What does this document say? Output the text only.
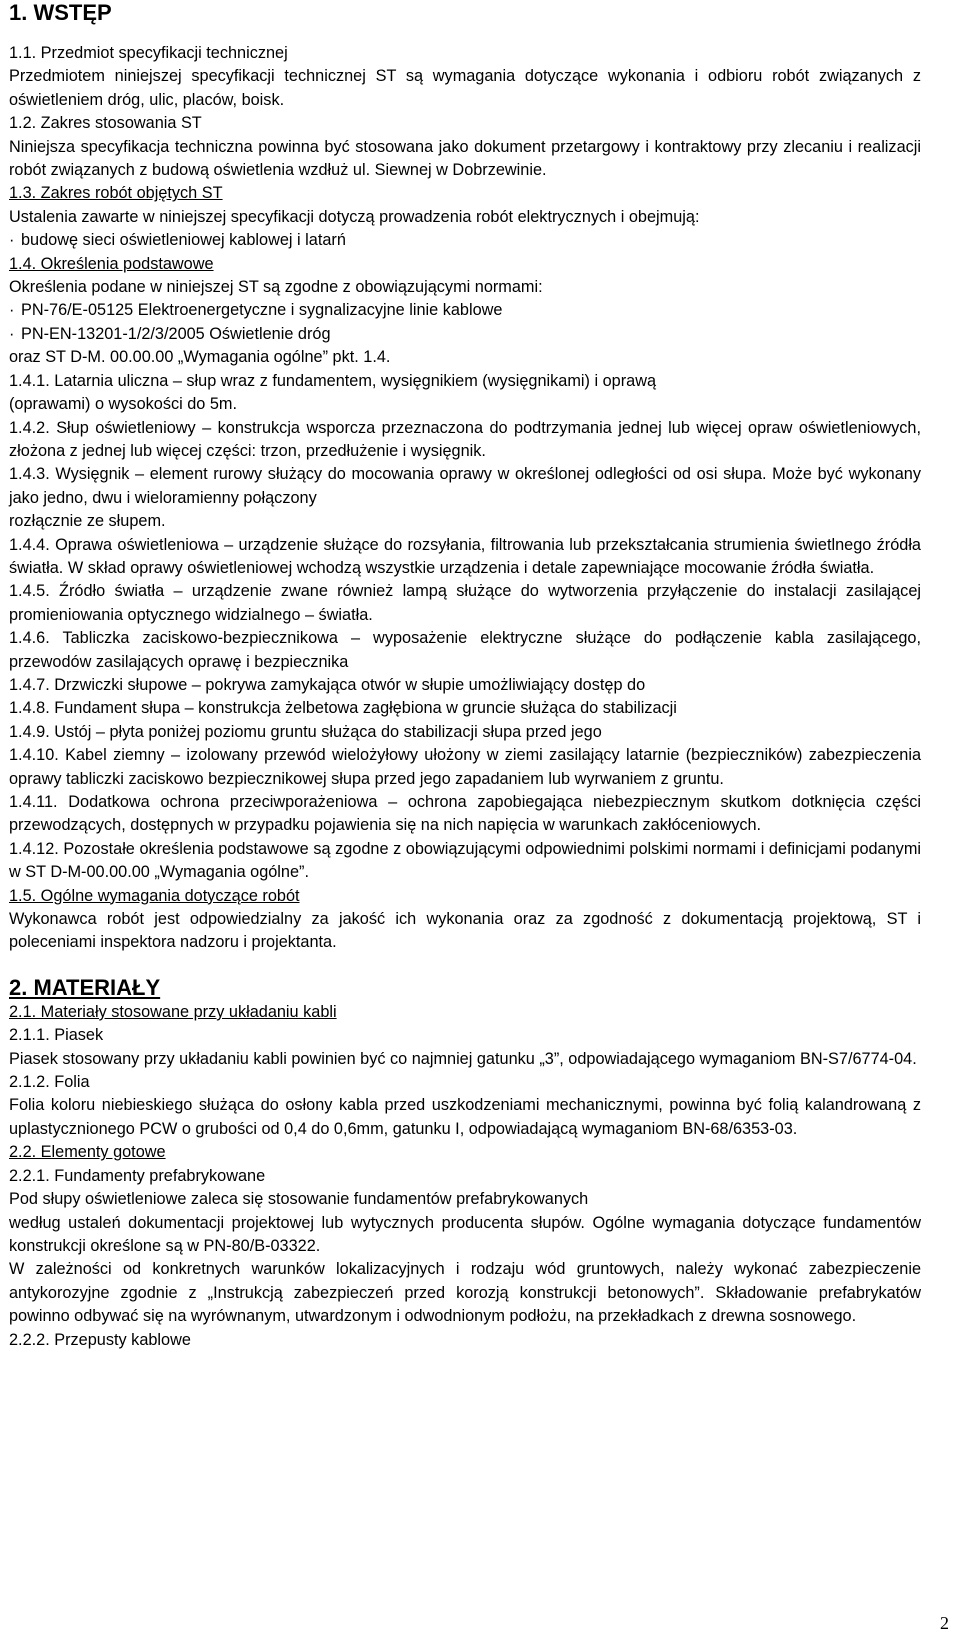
1. WSTĘP
1.1. Przedmiot specyfikacji technicznej
Przedmiotem niniejszej specyfikacji technicznej ST są wymagania dotyczące wykonania i odbioru robót związanych z oświetleniem dróg, ulic, placów, boisk.
1.2. Zakres stosowania ST
Niniejsza specyfikacja techniczna powinna być stosowana jako dokument przetargowy i kontraktowy przy zlecaniu i realizacji robót związanych z budową oświetlenia wzdłuż ul. Siewnej w Dobrzewinie.
1.3. Zakres robót objętych ST
Ustalenia zawarte w niniejszej specyfikacji dotyczą prowadzenia robót elektrycznych i obejmują:
· budowę sieci oświetleniowej kablowej i latarń
1.4. Określenia podstawowe
Określenia podane w niniejszej ST są zgodne z obowiązującymi normami:
· PN-76/E-05125 Elektroenergetyczne i sygnalizacyjne linie kablowe
· PN-EN-13201-1/2/3/2005 Oświetlenie dróg
oraz ST D-M. 00.00.00 „Wymagania ogólne” pkt. 1.4.
1.4.1. Latarnia uliczna – słup wraz z fundamentem, wysięgnikiem (wysięgnikami) i oprawą
(oprawami) o wysokości do 5m.
1.4.2. Słup oświetleniowy – konstrukcja wsporcza przeznaczona do podtrzymania jednej lub więcej opraw oświetleniowych, złożona z jednej lub więcej części: trzon, przedłużenie i wysięgnik.
1.4.3. Wysięgnik – element rurowy służący do mocowania oprawy w określonej odległości od osi słupa. Może być wykonany jako jedno, dwu i wieloramienny połączony
rozłącznie ze słupem.
1.4.4. Oprawa oświetleniowa – urządzenie służące do rozsyłania, filtrowania lub przekształcania strumienia świetlnego źródła światła. W skład oprawy oświetleniowej wchodzą wszystkie urządzenia i detale zapewniające mocowanie źródła światła.
1.4.5. Źródło światła – urządzenie zwane również lampą służące do wytworzenia przyłączenie do instalacji zasilającej promieniowania optycznego widzialnego – światła.
1.4.6. Tabliczka zaciskowo-bezpiecznikowa – wyposażenie elektryczne służące do podłączenie kabla zasilającego, przewodów zasilających oprawę i bezpiecznika
1.4.7. Drzwiczki słupowe – pokrywa zamykająca otwór w słupie umożliwiający dostęp do
1.4.8. Fundament słupa – konstrukcja żelbetowa zagłębiona w gruncie służąca do stabilizacji
1.4.9. Ustój – płyta poniżej poziomu gruntu służąca do stabilizacji słupa przed jego
1.4.10. Kabel ziemny – izolowany przewód wielożyłowy ułożony w ziemi zasilający latarnie (bezpieczników) zabezpieczenia oprawy tabliczki zaciskowo bezpiecznikowej słupa przed jego zapadaniem lub wyrwaniem z gruntu.
1.4.11. Dodatkowa ochrona przeciwporażeniowa – ochrona zapobiegająca niebezpiecznym skutkom dotknięcia części przewodzących, dostępnych w przypadku pojawienia się na nich napięcia w warunkach zakłóceniowych.
1.4.12. Pozostałe określenia podstawowe są zgodne z obowiązującymi odpowiednimi polskimi normami i definicjami podanymi w ST D-M-00.00.00 „Wymagania ogólne”.
1.5. Ogólne wymagania dotyczące robót
Wykonawca robót jest odpowiedzialny za jakość ich wykonania oraz za zgodność z dokumentacją projektową, ST i poleceniami inspektora nadzoru i projektanta.
2. MATERIAŁY
2.1. Materiały stosowane przy układaniu kabli
2.1.1. Piasek
Piasek stosowany przy układaniu kabli powinien być co najmniej gatunku „3”, odpowiadającego wymaganiom BN-S7/6774-04.
2.1.2. Folia
Folia koloru niebieskiego służąca do osłony kabla przed uszkodzeniami mechanicznymi, powinna być folią kalandrowaną z uplastycznionego PCW o grubości od 0,4 do 0,6mm, gatunku I, odpowiadającą wymaganiom BN-68/6353-03.
2.2. Elementy gotowe
2.2.1. Fundamenty prefabrykowane
Pod słupy oświetleniowe zaleca się stosowanie fundamentów prefabrykowanych
według ustaleń dokumentacji projektowej lub wytycznych producenta słupów. Ogólne wymagania dotyczące fundamentów konstrukcji określone są w PN-80/B-03322.
W zależności od konkretnych warunków lokalizacyjnych i rodzaju wód gruntowych, należy wykonać zabezpieczenie antykorozyjne zgodnie z „Instrukcją zabezpieczeń przed korozją konstrukcji betonowych”. Składowanie prefabrykatów powinno odbywać się na wyrównanym, utwardzonym i odwodnionym podłożu, na przekładkach z drewna sosnowego.
2.2.2. Przepusty kablowe
2
